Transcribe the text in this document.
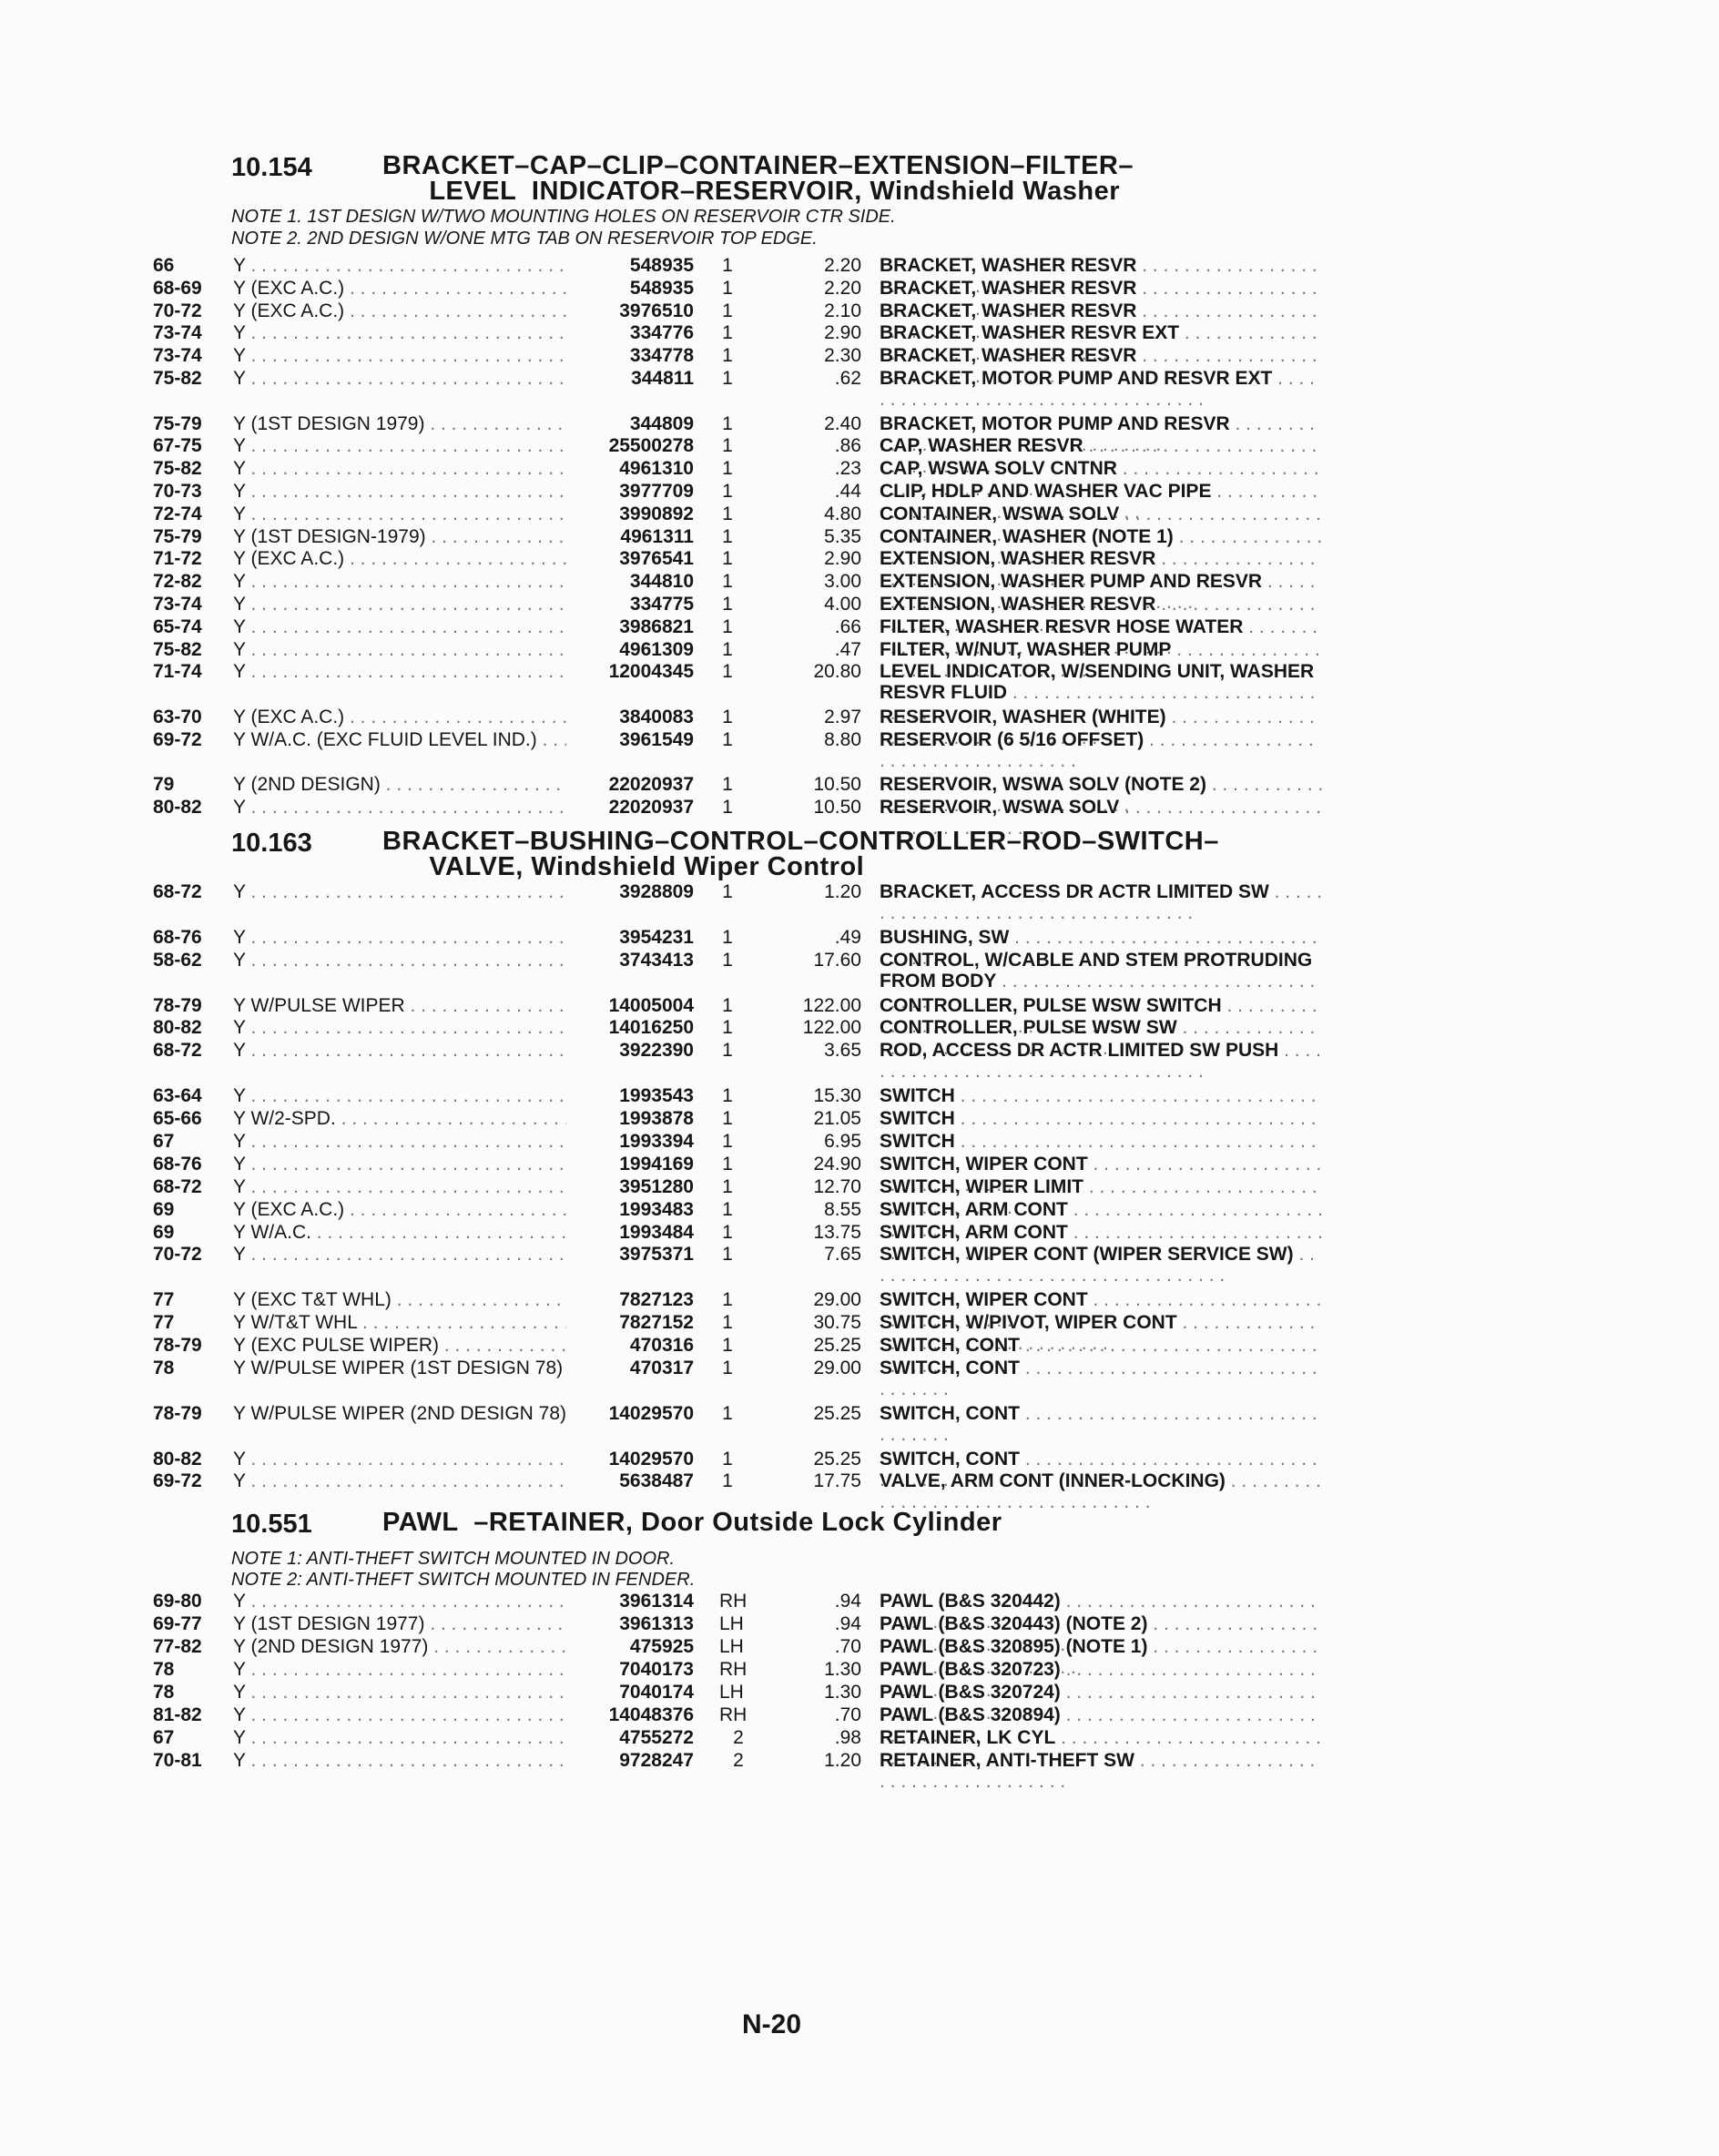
10.154	BRACKET–CAP–CLIP–CONTAINER–EXTENSION–FILTER–
LEVEL  INDICATOR–RESERVOIR, Windshield Washer
NOTE 1. 1ST DESIGN W/TWO MOUNTING HOLES ON RESERVOIR CTR SIDE.
NOTE 2. 2ND DESIGN W/ONE MTG TAB ON RESERVOIR TOP EDGE.
66	Y . . .	548935	1	2.20 BRACKET, WASHER RESVR . . .
68-69	Y (EXC A.C.) . . .	548935	1	2.20 BRACKET, WASHER RESVR . . .
70-72	Y (EXC A.C.) . . .	3976510	1	2.10 BRACKET, WASHER RESVR . . .
73-74	Y . . .	334776	1	2.90 BRACKET, WASHER RESVR EXT . . .
73-74	Y . . .	334778	1	2.30 BRACKET, WASHER RESVR . . .
75-82	Y . . .	344811	1	.62 BRACKET, MOTOR PUMP AND RESVR EXT . . .
75-79	Y (1ST DESIGN 1979) . . .	344809	1	2.40 BRACKET, MOTOR PUMP AND RESVR . . .
67-75	Y . . .	25500278	1	.86 CAP, WASHER RESVR . . .
75-82	Y . . .	4961310	1	.23 CAP, WSWA SOLV CNTNR . . .
70-73	Y . . .	3977709	1	.44 CLIP, HDLP AND WASHER VAC PIPE . . .
72-74	Y . . .	3990892	1	4.80 CONTAINER, WSWA SOLV . . .
75-79	Y (1ST DESIGN-1979) . . .	4961311	1	5.35 CONTAINER, WASHER (NOTE 1) . . .
71-72	Y (EXC A.C.) . . .	3976541	1	2.90 EXTENSION, WASHER RESVR . . .
72-82	Y . . .	344810	1	3.00 EXTENSION, WASHER PUMP AND RESVR . . .
73-74	Y . . .	334775	1	4.00 EXTENSION, WASHER RESVR . . .
65-74	Y . . .	3986821	1	.66 FILTER, WASHER RESVR HOSE WATER . . .
75-82	Y . . .	4961309	1	.47 FILTER, W/NUT, WASHER PUMP . . .
71-74	Y . . .	12004345	1	20.80 LEVEL INDICATOR, W/SENDING UNIT, WASHER RESVR FLUID . . .
63-70	Y (EXC A.C.) . . .	3840083	1	2.97 RESERVOIR, WASHER (WHITE) . . .
69-72	Y W/A.C. (EXC FLUID LEVEL IND.) . . .	3961549	1	8.80 RESERVOIR (6 5/16 OFFSET) . . .
79	Y (2ND DESIGN) . . .	22020937	1	10.50 RESERVOIR, WSWA SOLV (NOTE 2) . . .
80-82	Y . . .	22020937	1	10.50 RESERVOIR, WSWA SOLV . . .
10.163	BRACKET–BUSHING–CONTROL–CONTROLLER–ROD–SWITCH–
VALVE, Windshield Wiper Control
68-72	Y . . .	3928809	1	1.20 BRACKET, ACCESS DR ACTR LIMITED SW . . .
68-76	Y . . .	3954231	1	.49 BUSHING, SW . . .
58-62	Y . . .	3743413	1	17.60 CONTROL, W/CABLE AND STEM PROTRUDING FROM BODY . . .
78-79	Y W/PULSE WIPER . . .	14005004	1	122.00 CONTROLLER, PULSE WSW SWITCH . . .
80-82	Y . . .	14016250	1	122.00 CONTROLLER, PULSE WSW SW . . .
68-72	Y . . .	3922390	1	3.65 ROD, ACCESS DR ACTR LIMITED SW PUSH . . .
63-64	Y . . .	1993543	1	15.30 SWITCH . . .
65-66	Y W/2-SPD. . . .	1993878	1	21.05 SWITCH . . .
67	Y . . .	1993394	1	6.95 SWITCH . . .
68-76	Y . . .	1994169	1	24.90 SWITCH, WIPER CONT . . .
68-72	Y . . .	3951280	1	12.70 SWITCH, WIPER LIMIT . . .
69	Y (EXC A.C.) . . .	1993483	1	8.55 SWITCH, ARM CONT . . .
69	Y W/A.C. . . .	1993484	1	13.75 SWITCH, ARM CONT . . .
70-72	Y . . .	3975371	1	7.65 SWITCH, WIPER CONT (WIPER SERVICE SW) . . .
77	Y (EXC T&T WHL) . . .	7827123	1	29.00 SWITCH, WIPER CONT . . .
77	Y W/T&T WHL . . .	7827152	1	30.75 SWITCH, W/PIVOT, WIPER CONT . . .
78-79	Y (EXC PULSE WIPER) . . .	470316	1	25.25 SWITCH, CONT . . .
78	Y W/PULSE WIPER (1ST DESIGN 78) . . .	470317	1	29.00 SWITCH, CONT . . .
78-79	Y W/PULSE WIPER (2ND DESIGN 78) . . .	14029570	1	25.25 SWITCH, CONT . . .
80-82	Y . . .	14029570	1	25.25 SWITCH, CONT . . .
69-72	Y . . .	5638487	1	17.75 VALVE, ARM CONT (INNER-LOCKING) . . .
10.551	PAWL  –RETAINER, Door Outside Lock Cylinder
NOTE 1: ANTI-THEFT SWITCH MOUNTED IN DOOR.
NOTE 2: ANTI-THEFT SWITCH MOUNTED IN FENDER.
69-80	Y . . .	3961314 RH	.94 PAWL (B&S 320442) . . .
69-77	Y (1ST DESIGN 1977) . . .	3961313 LH	.94 PAWL (B&S 320443) (NOTE 2) . . .
77-82	Y (2ND DESIGN 1977) . . .	475925 LH	.70 PAWL (B&S 320895) (NOTE 1) . . .
78	Y . . .	7040173 RH	1.30 PAWL (B&S 320723) . . .
78	Y . . .	7040174 LH	1.30 PAWL (B&S 320724) . . .
81-82	Y . . .	14048376 RH	.70 PAWL (B&S 320894) . . .
67	Y . . .	4755272	2	.98 RETAINER, LK CYL . . .
70-81	Y . . .	9728247	2	1.20 RETAINER, ANTI-THEFT SW . . .
N-20
